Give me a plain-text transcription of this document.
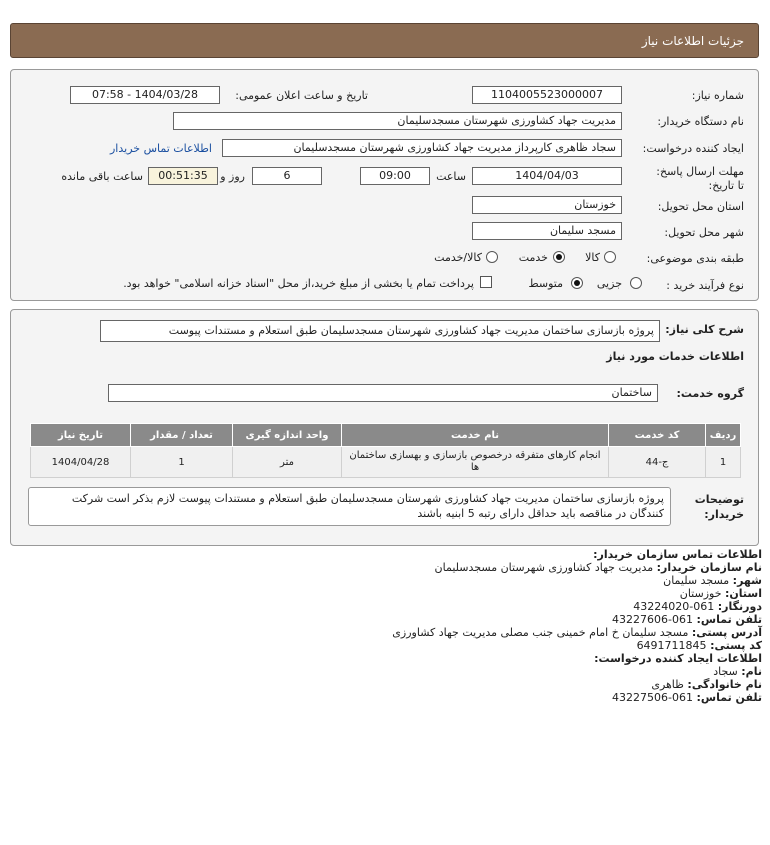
جزئیات اطلاعات نیاز
شماره نیاز:
1104005523000007
تاریخ و ساعت اعلان عمومی:
1404/03/28 - 07:58
نام دستگاه خریدار:
مدیریت جهاد کشاورزی شهرستان مسجدسلیمان
ایجاد کننده درخواست:
سجاد ظاهری کارپرداز مدیریت جهاد کشاورزی شهرستان مسجدسلیمان
اطلاعات تماس خریدار
مهلت ارسال پاسخ: تا تاریخ:
1404/04/03
ساعت
09:00
6
روز و
00:51:35
ساعت باقی مانده
استان محل تحویل:
خوزستان
شهر محل تحویل:
مسجد سلیمان
طبقه بندی موضوعی:
کالا
خدمت
کالا/خدمت
نوع فرآیند خرید :
جزیی
متوسط
پرداخت تمام یا بخشی از مبلغ خرید،از محل "اسناد خزانه اسلامی" خواهد بود.
شرح کلی نیاز:
پروژه بازسازی ساختمان مدیریت جهاد کشاورزی شهرستان مسجدسلیمان طبق استعلام و مستندات پیوست
اطلاعات خدمات مورد نیاز
گروه خدمت:
ساختمان
ردیف	کد خدمت	نام خدمت	واحد اندازه گیری	تعداد / مقدار	تاریخ نیاز
1	ج-44	انجام کارهای متفرقه درخصوص بازسازی و بهسازی ساختمان ها	متر	1	1404/04/28
توضیحات خریدار:
پروژه بازسازی ساختمان مدیریت جهاد کشاورزی شهرستان مسجدسلیمان طبق استعلام و مستندات پیوست لازم بذکر است شرکت کنندگان در مناقصه باید حداقل دارای رتبه 5 ابنیه باشند
اطلاعات تماس سازمان خریدار:
نام سازمان خریدار: مدیریت جهاد کشاورزی شهرستان مسجدسلیمان
شهر: مسجد سلیمان
استان: خوزستان
دورنگار: 061-43224020
تلفن تماس: 061-43227606
آدرس پستی: مسجد سلیمان خ امام خمینی جنب مصلی مدیریت جهاد کشاورزی
کد پستی: 6491711845
اطلاعات ایجاد کننده درخواست:
نام: سجاد
نام خانوادگی: ظاهری
تلفن تماس: 061-43227506
